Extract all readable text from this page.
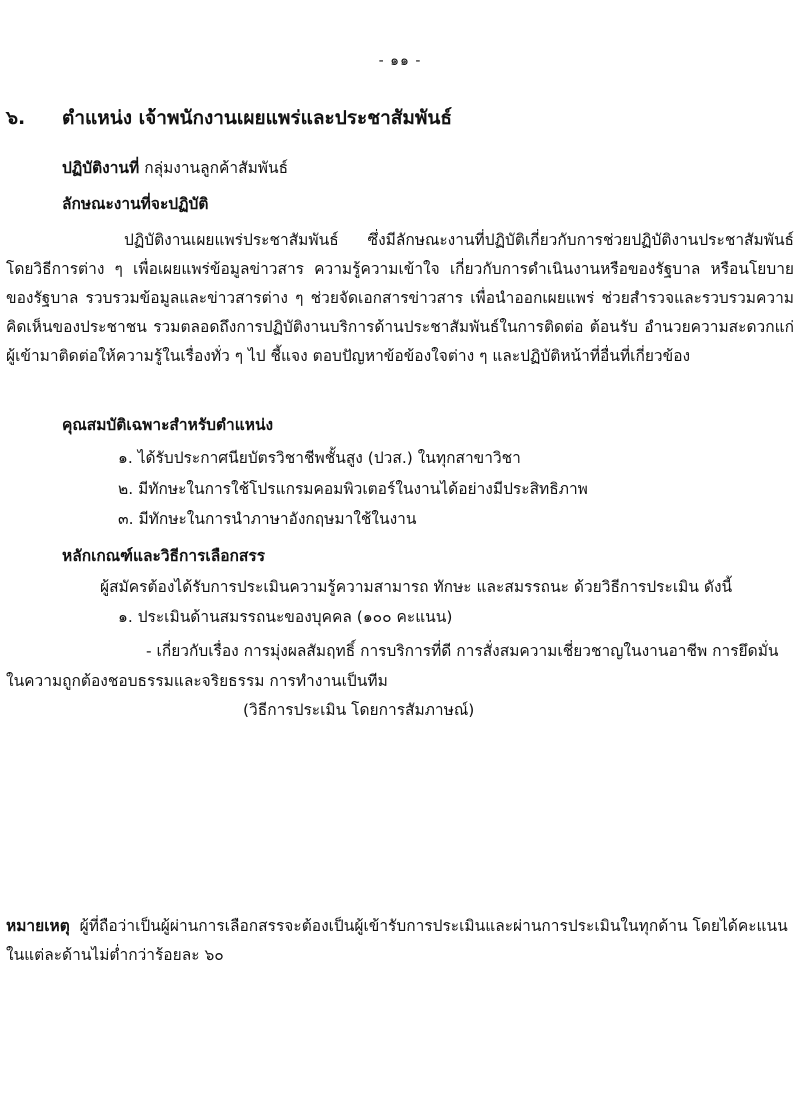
- ๑๑ -
๖. ตำแหน่ง เจ้าพนักงานเผยแพร่และประชาสัมพันธ์
ปฏิบัติงานที่ กลุ่มงานลูกค้าสัมพันธ์
ลักษณะงานที่จะปฏิบัติ
ปฏิบัติงานเผยแพร่ประชาสัมพันธ์ ซึ่งมีลักษณะงานที่ปฏิบัติเกี่ยวกับการช่วยปฏิบัติงานประชาสัมพันธ์โดยวิธีการต่าง ๆ เพื่อเผยแพร่ข้อมูลข่าวสาร ความรู้ความเข้าใจ เกี่ยวกับการดำเนินงานหรือของรัฐบาล หรือนโยบายของรัฐบาล รวบรวมข้อมูลและข่าวสารต่าง ๆ ช่วยจัดเอกสารข่าวสาร เพื่อนำออกเผยแพร่ ช่วยสำรวจและรวบรวมความคิดเห็นของประชาชน รวมตลอดถึงการปฏิบัติงานบริการด้านประชาสัมพันธ์ในการติดต่อ ต้อนรับ อำนวยความสะดวกแก่ผู้เข้ามาติดต่อให้ความรู้ในเรื่องทั่ว ๆ ไป ชี้แจง ตอบปัญหาข้อข้องใจต่าง ๆ และปฏิบัติหน้าที่อื่นที่เกี่ยวข้อง
คุณสมบัติเฉพาะสำหรับตำแหน่ง
๑. ได้รับประกาศนียบัตรวิชาชีพชั้นสูง (ปวส.) ในทุกสาขาวิชา
๒. มีทักษะในการใช้โปรแกรมคอมพิวเตอร์ในงานได้อย่างมีประสิทธิภาพ
๓. มีทักษะในการนำภาษาอังกฤษมาใช้ในงาน
หลักเกณฑ์และวิธีการเลือกสรร
ผู้สมัครต้องได้รับการประเมินความรู้ความสามารถ ทักษะ และสมรรถนะ ด้วยวิธีการประเมิน ดังนี้
๑. ประเมินด้านสมรรถนะของบุคคล (๑๐๐ คะแนน)
- เกี่ยวกับเรื่อง การมุ่งผลสัมฤทธิ์ การบริการที่ดี การสั่งสมความเชี่ยวชาญในงานอาชีพ การยึดมั่นในความถูกต้องชอบธรรมและจริยธรรม การทำงานเป็นทีม
(วิธีการประเมิน โดยการสัมภาษณ์)
หมายเหตุ ผู้ที่ถือว่าเป็นผู้ผ่านการเลือกสรรจะต้องเป็นผู้เข้ารับการประเมินและผ่านการประเมินในทุกด้าน โดยได้คะแนนในแต่ละด้านไม่ต่ำกว่าร้อยละ ๖๐
